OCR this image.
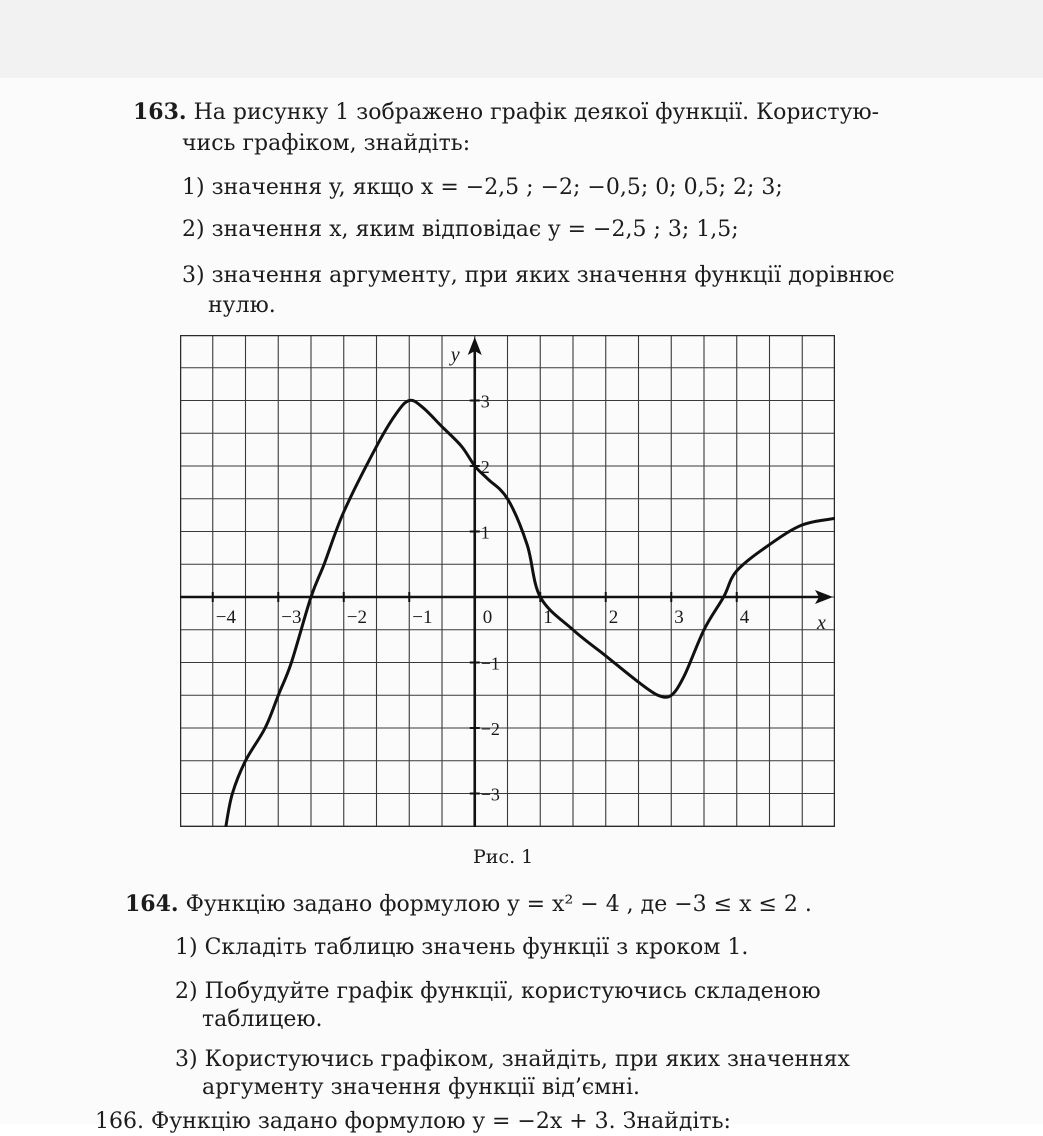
163. На рисунку 1 зображено графік деякої функції. Користую-
чись графіком, знайдіть:
1) значення y, якщо x = −2,5 ; −2; −0,5; 0; 0,5; 2; 3;
2) значення x, яким відповідає y = −2,5 ; 3; 1,5;
3) значення аргументу, при яких значення функції дорівнює
нулю.
−4 −3 −2 −1	0	1	2	3	4
3
2
1
−1
−2
−3
x
y
Рис. 1
164. Функцію задано формулою y = x² − 4 , де −3 ≤ x ≤ 2 .
1) Складіть таблицю значень функції з кроком 1.
2) Побудуйте графік функції, користуючись складеною
таблицею.
3) Користуючись графіком, знайдіть, при яких значеннях
аргументу значення функції від’ємні.
166. Функцію задано формулою y = −2x + 3. Знайдіть:
